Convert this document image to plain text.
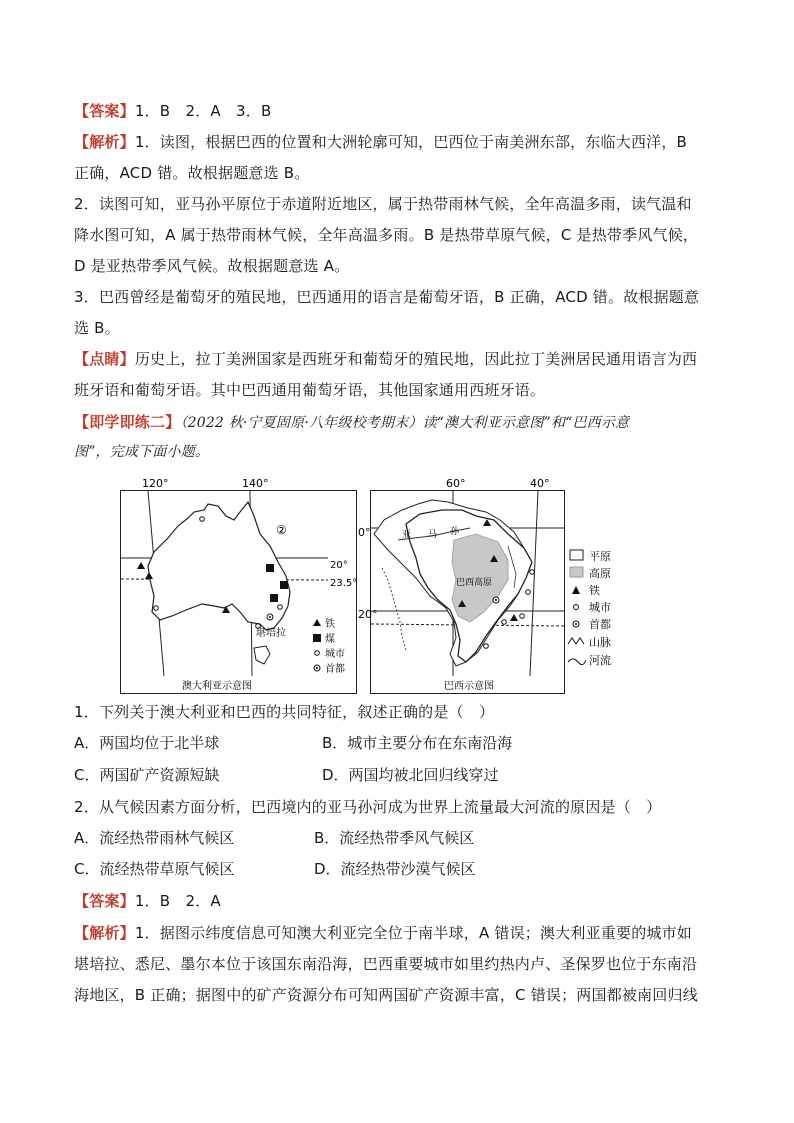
【答案】1．B　2．A　3．B
【解析】1．读图，根据巴西的位置和大洲轮廓可知，巴西位于南美洲东部，东临大西洋，B
正确，ACD 错。故根据题意选 B。
2．读图可知，亚马孙平原位于赤道附近地区，属于热带雨林气候，全年高温多雨，读气温和
降水图可知，A 属于热带雨林气候，全年高温多雨。B 是热带草原气候，C 是热带季风气候，
D 是亚热带季风气候。故根据题意选 A。
3．巴西曾经是葡萄牙的殖民地，巴西通用的语言是葡萄牙语，B 正确，ACD 错。故根据题意
选 B。
【点睛】历史上，拉丁美洲国家是西班牙和葡萄牙的殖民地，因此拉丁美洲居民通用语言为西
班牙语和葡萄牙语。其中巴西通用葡萄牙语，其他国家通用西班牙语。
【即学即练二】（2022 秋·宁夏固原·八年级校考期末）读“澳大利亚示意图”和“巴西示意
图”，完成下面小题。
120°	140°
20°
23.5°
②
堪培拉
铁
煤
城市
首都
澳大利亚示意图
60°	40°
0°
20°
亚 马 孙
巴西高原
平原
高原
铁
城市
首都
山脉
河流
巴西示意图
1．下列关于澳大利亚和巴西的共同特征，叙述正确的是（　）
A．两国均位于北半球	B．城市主要分布在东南沿海
C．两国矿产资源短缺	D．两国均被北回归线穿过
2．从气候因素方面分析，巴西境内的亚马孙河成为世界上流量最大河流的原因是（　）
A．流经热带雨林气候区	B．流经热带季风气候区
C．流经热带草原气候区	D．流经热带沙漠气候区
【答案】1．B　2．A
【解析】1．据图示纬度信息可知澳大利亚完全位于南半球，A 错误；澳大利亚重要的城市如
堪培拉、悉尼、墨尔本位于该国东南沿海，巴西重要城市如里约热内卢、圣保罗也位于东南沿
海地区，B 正确；据图中的矿产资源分布可知两国矿产资源丰富，C 错误；两国都被南回归线
